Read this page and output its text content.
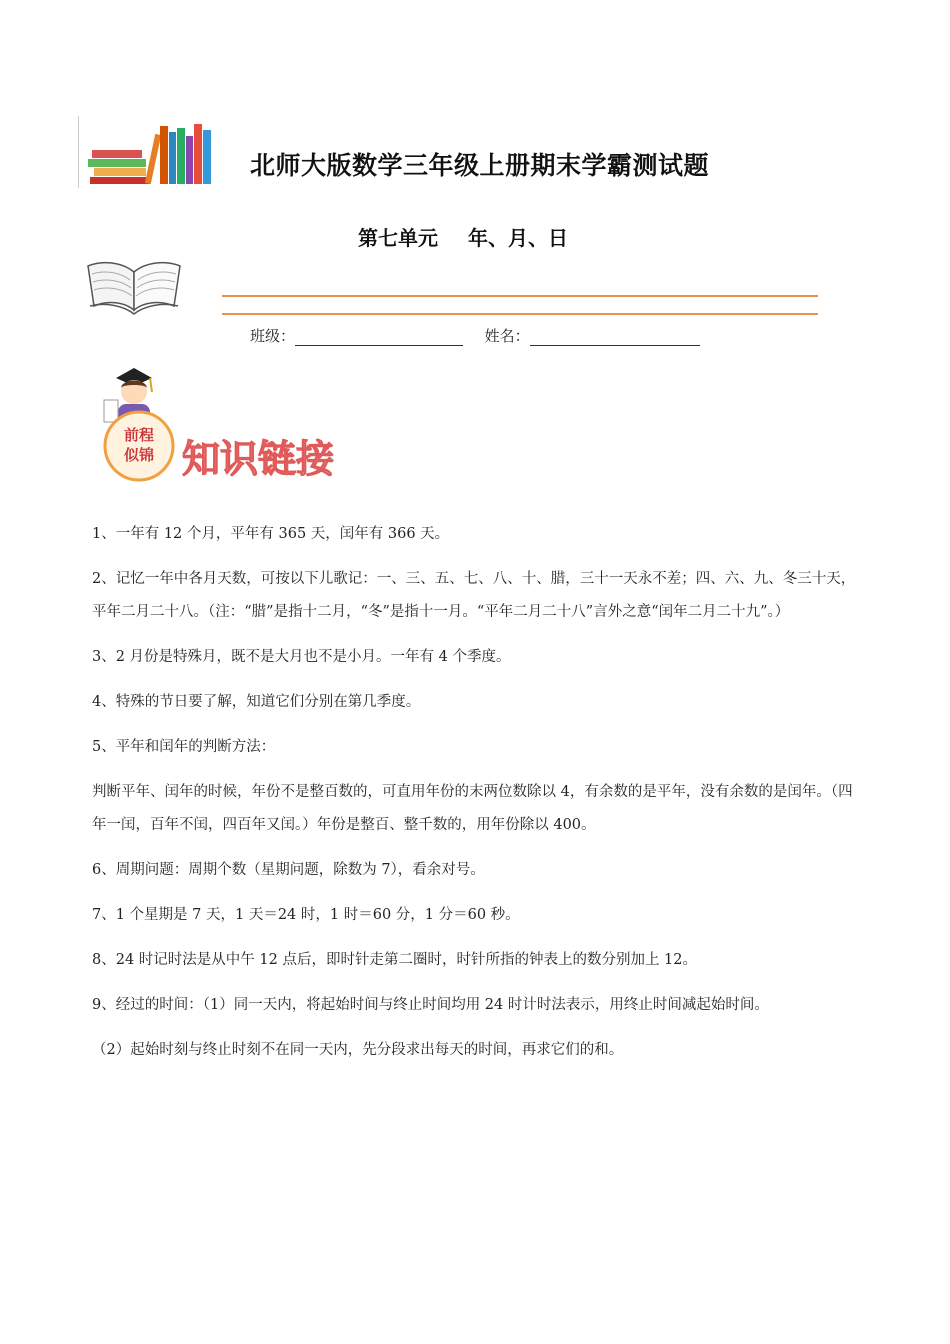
北师大版数学三年级上册期末学霸测试题
第七单元 年、月、日
班级：	姓名：
前程
似锦 知识链接

1、一年有 12 个月，平年有 365 天，闰年有 366 天。

2、记忆一年中各月天数，可按以下儿歌记：一、三、五、七、八、十、腊，三十一天永不差；四、六、九、冬三十天，平年二月二十八。（注：“腊”是指十二月，“冬”是指十一月。“平年二月二十八”言外之意“闰年二月二十九”。）

3、2 月份是特殊月，既不是大月也不是小月。一年有 4 个季度。

4、特殊的节日要了解，知道它们分别在第几季度。

5、平年和闰年的判断方法：

判断平年、闰年的时候，年份不是整百数的，可直用年份的末两位数除以 4，有余数的是平年，没有余数的是闰年。（四年一闰，百年不闰，四百年又闰。）年份是整百、整千数的，用年份除以 400。

6、周期问题：周期个数（星期问题，除数为 7），看余对号。

7、1 个星期是 7 天，1 天＝24 时，1 时＝60 分，1 分＝60 秒。

8、24 时记时法是从中午 12 点后，即时针走第二圈时，时针所指的钟表上的数分别加上 12。

9、经过的时间：（1）同一天内，将起始时间与终止时间均用 24 时计时法表示，用终止时间减起始时间。

（2）起始时刻与终止时刻不在同一天内，先分段求出每天的时间，再求它们的和。
